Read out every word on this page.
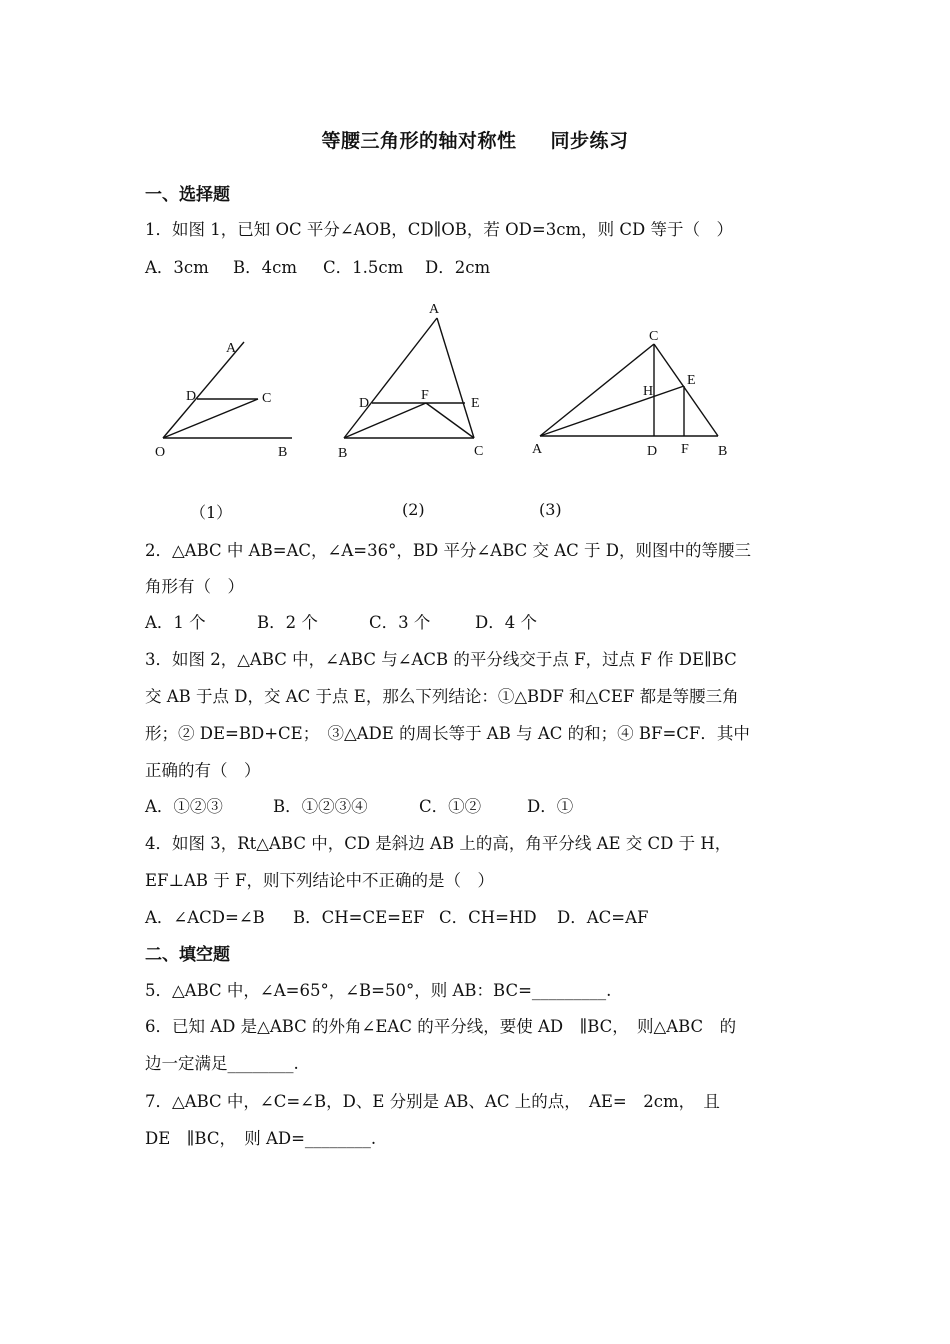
等腰三角形的轴对称性 同步练习
一、选择题
1．如图 1，已知 OC 平分∠AOB，CD∥OB，若 OD=3cm，则 CD 等于（　）
A．3cm B．4cm C．1.5cm D．2cm
A
D	C
O	B
A
D
F
E
B	C
C
H
E
A	D F B
（1）	(2)	(3)
2．△ABC 中 AB=AC，∠A=36°，BD 平分∠ABC 交 AC 于 D，则图中的等腰三
角形有（　）
A．1 个	B．2 个	C．3 个	D．4 个
3．如图 2，△ABC 中，∠ABC 与∠ACB 的平分线交于点 F，过点 F 作 DE∥BC
交 AB 于点 D，交 AC 于点 E，那么下列结论：①△BDF 和△CEF 都是等腰三角
形；② DE=BD+CE；　③△ADE 的周长等于 AB 与 AC 的和；④ BF=CF．其中
正确的有（　）
A．①②③	B．①②③④	C．①②	D．①
4．如图 3，Rt△ABC 中，CD 是斜边 AB 上的高，角平分线 AE 交 CD 于 H，
EF⊥AB 于 F，则下列结论中不正确的是（　）
A．∠ACD=∠B B．CH=CE=EF C．CH=HD D．AC=AF
二、填空题
5．△ABC 中，∠A=65°，∠B=50°，则 AB：BC=_________.
6．已知 AD 是△ABC 的外角∠EAC 的平分线，要使 AD　∥BC，　则△ABC　的
边一定满足________.
7．△ABC 中，∠C=∠B，D、E 分别是 AB、AC 上的点，　AE=　2cm，　且
DE　∥BC，　则 AD=________.
